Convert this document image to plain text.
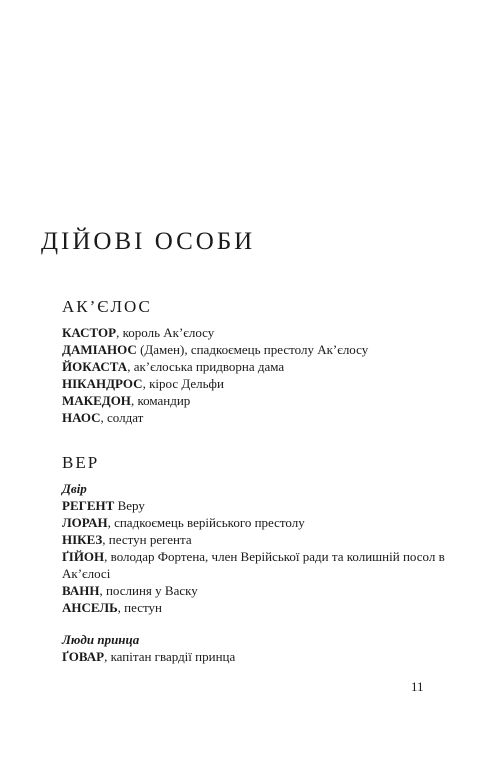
ДІЙОВІ ОСОБИ
АК’ЄЛОС

КАСТОР, король Ак’єлосу

ДАМІАНОС (Дамен), спадкоємець престолу Ак’єлосу

ЙОКАСТА, ак’єлоська придворна дама

НІКАНДРОС, кірос Дельфи

МАКЕДОН, командир

НАОС, солдат

ВЕР

Двір

РЕГЕНТ Веру

ЛОРАН, спадкоємець верійського престолу

НІКЕЗ, пестун регента

ҐІЙОН, володар Фортена, член Верійської ради та колишній посол в Ак’єлосі

ВАНН, послиня у Васку

АНСЕЛЬ, пестун

Люди принца

ҐОВАР, капітан гвардії принца

11
